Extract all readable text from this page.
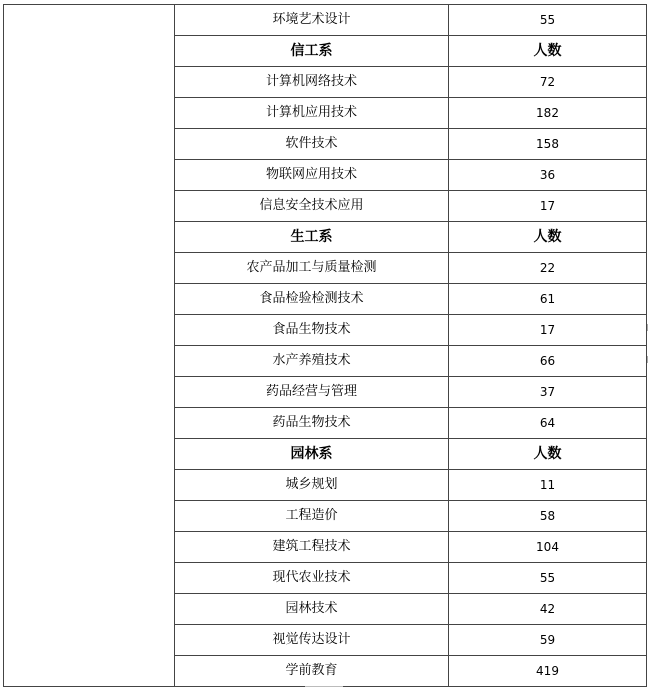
	环境艺术设计	55
	信工系	人数
	计算机网络技术	72
	计算机应用技术	182
	软件技术	158
	物联网应用技术	36
	信息安全技术应用	17
	生工系	人数
	农产品加工与质量检测	22
	食品检验检测技术	61
	食品生物技术	17
	水产养殖技术	66
	药品经营与管理	37
	药品生物技术	64
	园林系	人数
	城乡规划	11
	工程造价	58
	建筑工程技术	104
	现代农业技术	55
	园林技术	42
	视觉传达设计	59
	学前教育	419
